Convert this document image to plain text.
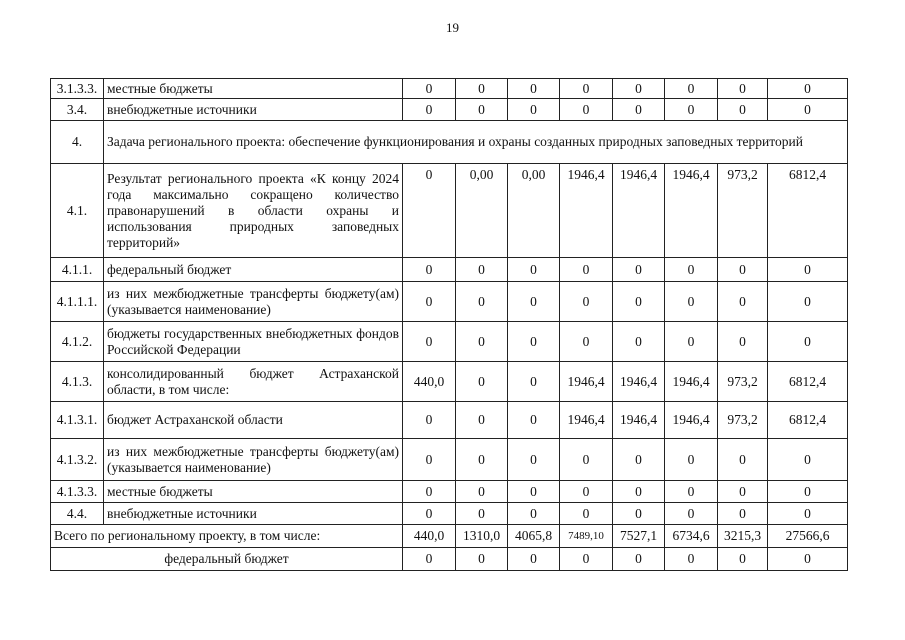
19
3.1.3.3.	местные бюджеты	0	0	0	0	0	0	0	0
3.4.	внебюджетные источники	0	0	0	0	0	0	0	0
4.	Задача регионального проекта: обеспечение функционирования и охраны созданных природных заповедных территорий								
4.1.	Результат регионального проекта «К концу 2024 года максимально сокращено количество правонарушений в области охраны и использования природных заповедных территорий»	0	0,00	0,00	1946,4	1946,4	1946,4	973,2	6812,4
4.1.1.	федеральный бюджет	0	0	0	0	0	0	0	0
4.1.1.1.	из них межбюджетные трансферты бюджету(ам) (указывается наименование)	0	0	0	0	0	0	0	0
4.1.2.	бюджеты государственных внебюджетных фондов Российской Федерации	0	0	0	0	0	0	0	0
4.1.3.	консолидированный бюджет Астраханской области, в том числе:	440,0	0	0	1946,4	1946,4	1946,4	973,2	6812,4
4.1.3.1.	бюджет Астраханской области	0	0	0	1946,4	1946,4	1946,4	973,2	6812,4
4.1.3.2.	из них межбюджетные трансферты бюджету(ам) (указывается наименование)	0	0	0	0	0	0	0	0
4.1.3.3.	местные бюджеты	0	0	0	0	0	0	0	0
4.4.	внебюджетные источники	0	0	0	0	0	0	0	0
Всего по региональному проекту, в том числе:		440,0	1310,0	4065,8	7489,10	7527,1	6734,6	3215,3	27566,6
федеральный бюджет		0	0	0	0	0	0	0	0
